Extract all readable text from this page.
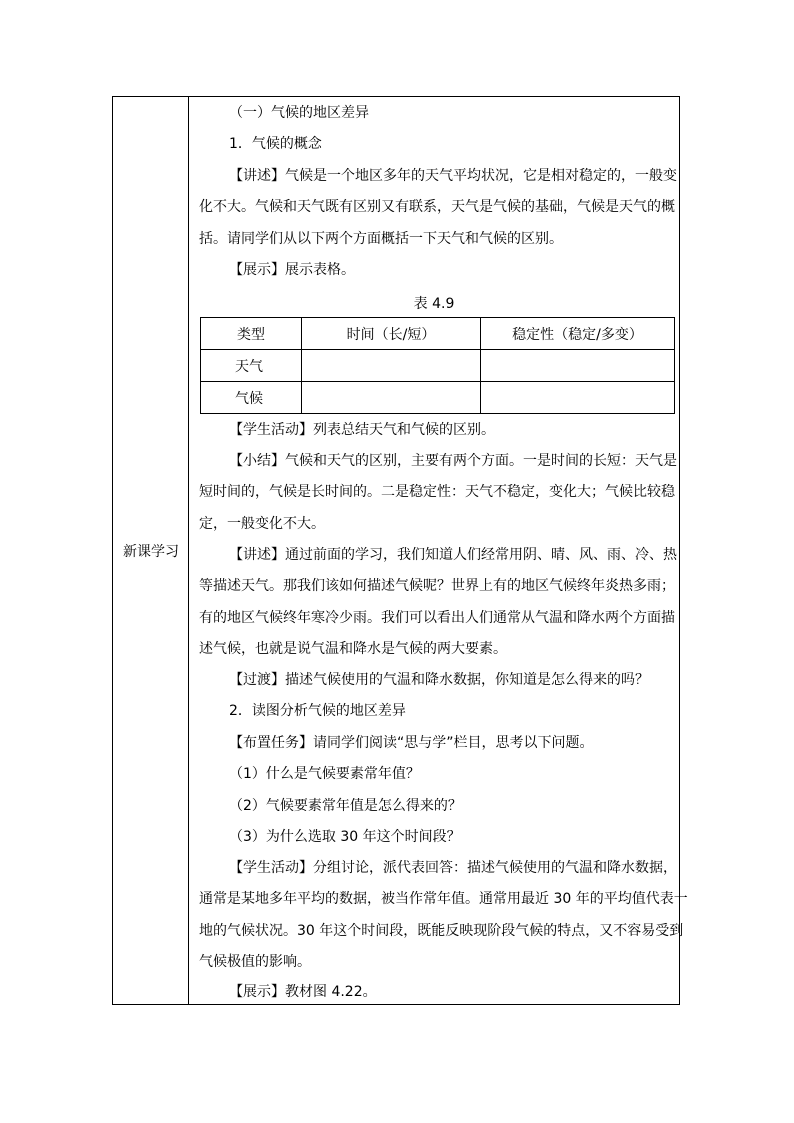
新课学习
（一）气候的地区差异
1．气候的概念
【讲述】气候是一个地区多年的天气平均状况，它是相对稳定的，一般变
化不大。气候和天气既有区别又有联系，天气是气候的基础，气候是天气的概
括。请同学们从以下两个方面概括一下天气和气候的区别。
【展示】展示表格。
表 4.9
类型	时间（长/短）	稳定性（稳定/多变）
天气		
气候		
【学生活动】列表总结天气和气候的区别。
【小结】气候和天气的区别，主要有两个方面。一是时间的长短：天气是
短时间的，气候是长时间的。二是稳定性：天气不稳定，变化大；气候比较稳
定，一般变化不大。
【讲述】通过前面的学习，我们知道人们经常用阴、晴、风、雨、冷、热
等描述天气。那我们该如何描述气候呢？世界上有的地区气候终年炎热多雨；
有的地区气候终年寒冷少雨。我们可以看出人们通常从气温和降水两个方面描
述气候，也就是说气温和降水是气候的两大要素。
【过渡】描述气候使用的气温和降水数据，你知道是怎么得来的吗？
2．读图分析气候的地区差异
【布置任务】请同学们阅读“思与学”栏目，思考以下问题。
（1）什么是气候要素常年值？
（2）气候要素常年值是怎么得来的？
（3）为什么选取 30 年这个时间段？
【学生活动】分组讨论，派代表回答：描述气候使用的气温和降水数据，
通常是某地多年平均的数据，被当作常年值。通常用最近 30 年的平均值代表一
地的气候状况。30 年这个时间段，既能反映现阶段气候的特点，又不容易受到
气候极值的影响。
【展示】教材图 4.22。
